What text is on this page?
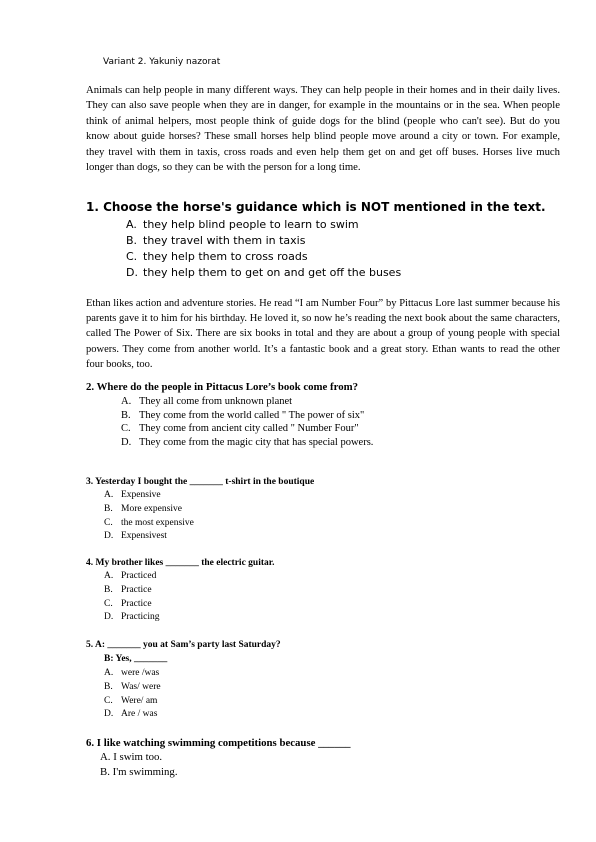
Variant 2. Yakuniy nazorat

Animals can help people in many different ways. They can help people in their homes and in their daily lives. They can also save people when they are in danger, for example in the mountains or in the sea. When people think of animal helpers, most people think of guide dogs for the blind (people who can't see). But do you know about guide horses? These small horses help blind people move around a city or town. For example, they travel with them in taxis, cross roads and even help them get on and get off buses. Horses live much longer than dogs, so they can be with the person for a long time.

1. Choose the horse's guidance which is NOT mentioned in the text.
A. they help blind people to learn to swim
B. they travel with them in taxis
C. they help them to cross roads
D. they help them to get on and get off the buses

Ethan likes action and adventure stories. He read “I am Number Four” by Pittacus Lore last summer because his parents gave it to him for his birthday. He loved it, so now he’s reading the next book about the same characters, called The Power of Six. There are six books in total and they are about a group of young people with special powers. They come from another world. It’s a fantastic book and a great story. Ethan wants to read the other four books, too.

2. Where do the people in Pittacus Lore’s book come from?
A. They all come from unknown planet
B. They come from the world called " The power of six"
C. They come from ancient city called " Number Four"
D. They come from the magic city that has special powers.
3. Yesterday I bought the _______ t-shirt in the boutique
A. Expensive
B. More expensive
C. the most expensive
D. Expensivest
4. My brother likes _______ the electric guitar.
A. Practiced
B. Practice
C. Practice
D. Practicing
5. A: _______ you at Sam’s party last Saturday?
B: Yes, _______
A. were /was
B. Was/ were
C. Were/ am
D. Are / was
6. I like watching swimming competitions because ______
A. I swim too.
B. I'm swimming.
